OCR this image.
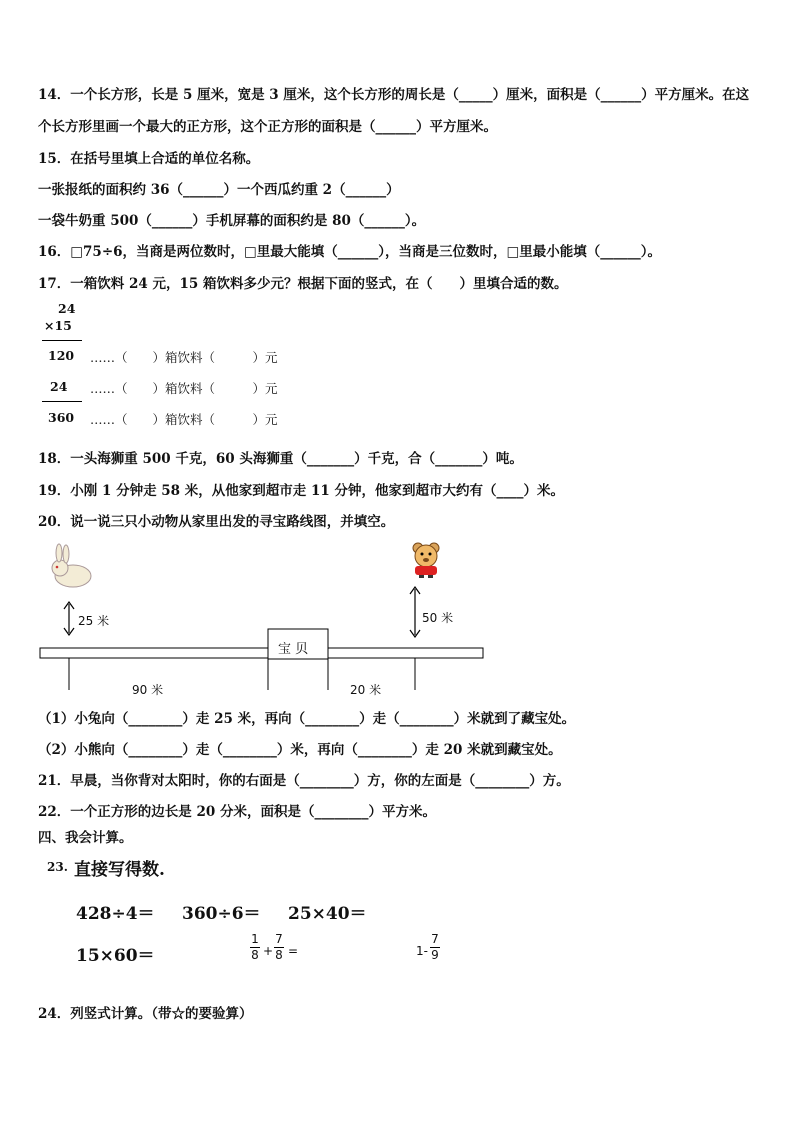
14．一个长方形，长是 5 厘米，宽是 3 厘米，这个长方形的周长是（_____）厘米，面积是（______）平方厘米。在这
个长方形里画一个最大的正方形，这个正方形的面积是（______）平方厘米。
15．在括号里填上合适的单位名称。
一张报纸的面积约 36（______）一个西瓜约重 2（______）
一袋牛奶重 500（______）手机屏幕的面积约是 80（______）。
16．□75÷6，当商是两位数时，□里最大能填（______），当商是三位数时，□里最小能填（______）。
17．一箱饮料 24 元，15 箱饮料多少元？根据下面的竖式，在（　　）里填合适的数。
24
×15
120 ……（　　）箱饮料（　　　）元
24 ……（　　）箱饮料（　　　）元
360 ……（　　）箱饮料（　　　）元
18．一头海狮重 500 千克，60 头海狮重（_______）千克，合（_______）吨。
19．小刚 1 分钟走 58 米，从他家到超市走 11 分钟，他家到超市大约有（____）米。
20．说一说三只小动物从家里出发的寻宝路线图，并填空。
25 米	50 米
宝 贝
90 米	20 米
（1）小兔向（________）走 25 米，再向（________）走（________）米就到了藏宝处。
（2）小熊向（________）走（________）米，再向（________）走 20 米就到藏宝处。
21．早晨，当你背对太阳时，你的右面是（________）方，你的左面是（________）方。
22．一个正方形的边长是 20 分米，面积是（________）平方米。
四、我会计算。
23. 直接写得数.
428÷4＝ 360÷6＝ 25×40＝
15×60＝
1
8 +
7
8 =	1-
7
9
24．列竖式计算。（带☆的要验算）
